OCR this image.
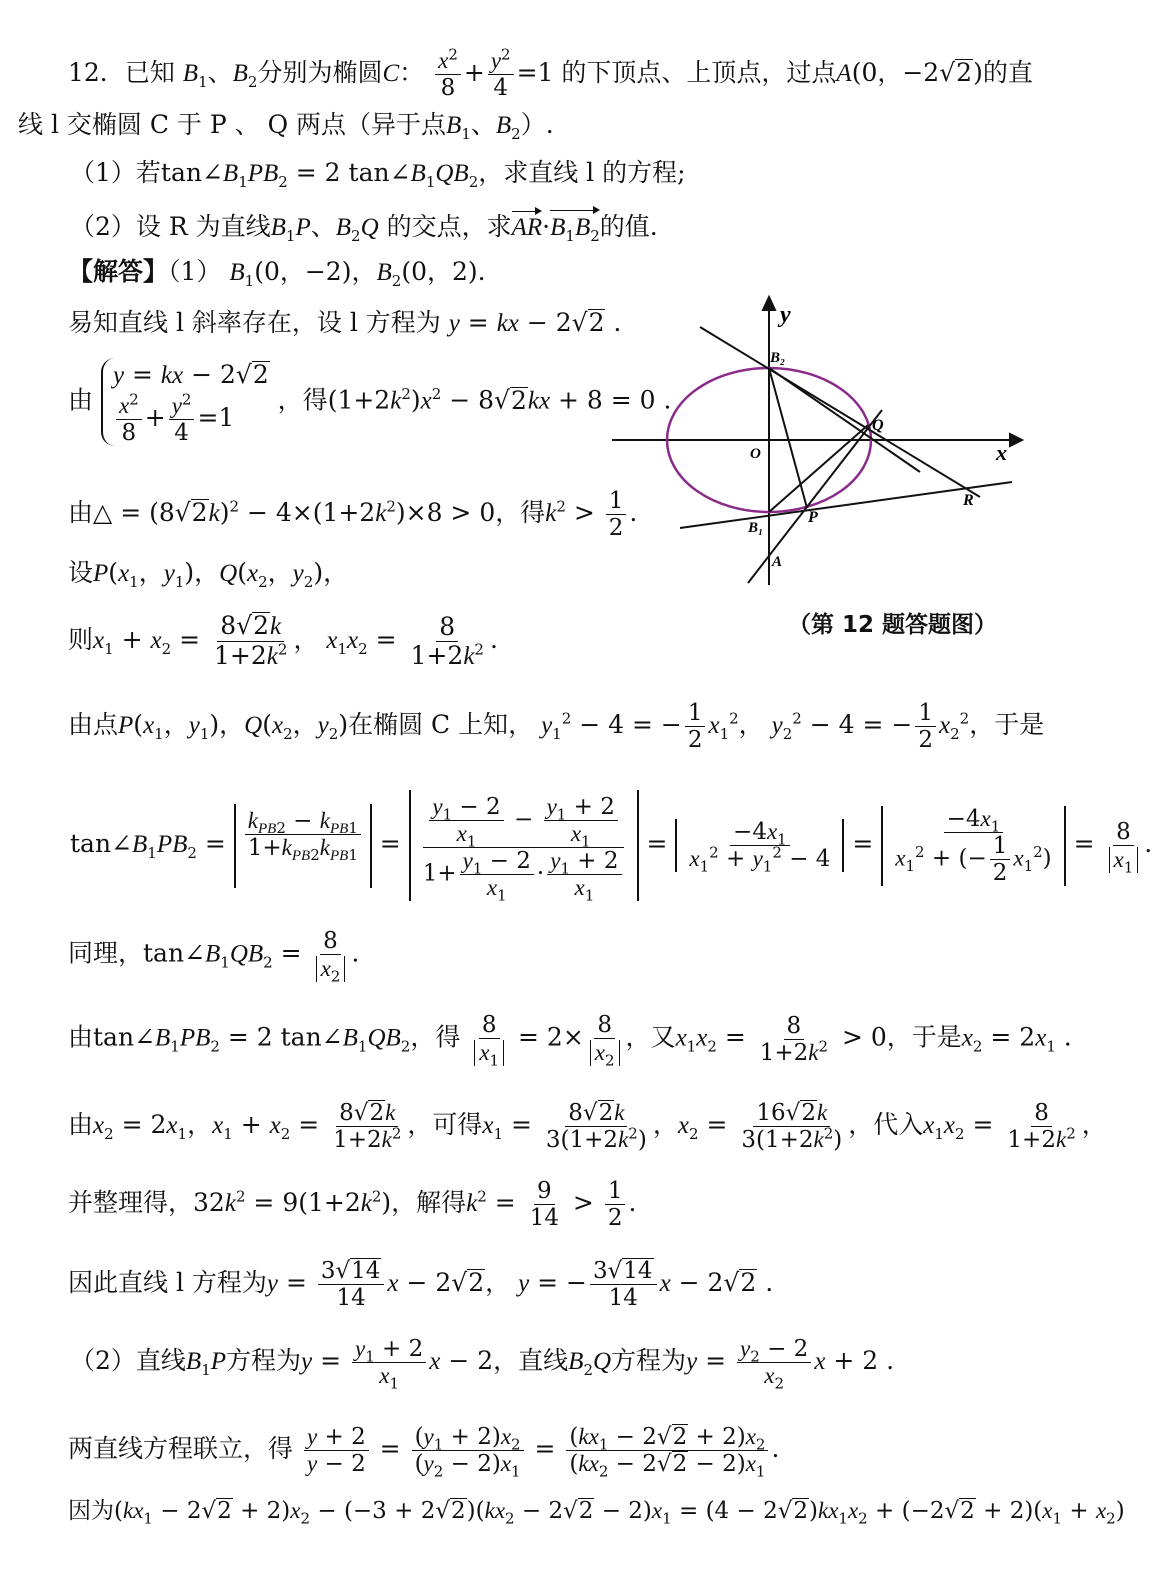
12．已知 $B_1$、$B_2$分别为椭圆C： $\frac{x^2}{8} + \frac{y^2}{4} =1$ 的下顶点、上顶点，过点A(0，−2√2)的直
线 l 交椭圆 C 于 P 、 Q 两点（异于点$B_1$、$B_2$）.
（1）若$\tan\angle B_1PB_2 = 2$ $\tan\angle B_1QB_2$，求直线 l 的方程;
（2）设 R 为直线$B_1P$、$B_2Q$ 的交点，求$AR\cdot B_1B_2$的值.
【解答】（1） $B_1(0$，−2)，$B_2(0$，2).
易知直线 l 斜率存在，设 l 方程为 y = kx − 2√2 .
由
y = kx − 2√2
$\frac{x^2}{8} + \frac{y^2}{4} =1$
，得$(1+2k^2)x^2 - 8√2kx + 8 = 0$ .
由△ = $(8√2k)^2 - 4\times(1+2k^2)\times 8 > 0$，得$k^2 > \frac{1}{2}$ .
设$P(x_1$，$y_1$)，$Q(x_2$，$y_2$)，
则$x_1 + x_2 = \frac{8√2k}{1+2k^2}$ ， $x_1x_2 = \frac{8}{1+2k^2}$ .
y
x
O
B₂
B₁
Q
P
R
A
（第 12 题答题图）
由点$P(x_1$，$y_1$)，$Q(x_2$，$y_2$)在椭圆 C 上知， $y_1^2 - 4$ = − $\frac{1}{2} x_1^2$， $y_2^2 - 4$ = − $\frac{1}{2} x_2^2$，于是
$\tan\angle B_1PB_2 = \frac{k_{PB2} - k_{PB1}}{1+k_{PB2}k_{PB1}} = \frac{\frac{y_1 - 2}{x_1} - \frac{y_1 + 2}{x_1}}{1+ \frac{y_1 - 2}{x_1} \cdot \frac{y_1 + 2}{x_1}} = \frac{-4x_1}{x_1^2 + y_1^2 - 4} = \frac{-4x_1}{x_1^2 + (- \frac{1}{2} x_1^2)} = \frac{8}{x_1}$ .
同理，$\tan\angle B_1QB_2 = \frac{8}{x_2}$ .
由$\tan\angle B_1PB_2 = 2$ $\tan\angle B_1QB_2$，得 $\frac{8}{x_1} = 2\times \frac{8}{x_2}$ ，又$x_1x_2 = \frac{8}{1+2k^2} > 0$，于是$x_2 = 2x_1$ .
由$x_2 = 2x_1$，$x_1 + x_2 = \frac{8√2k}{1+2k^2}$ ，可得$x_1 = \frac{8√2k}{3(1+2k^2)}$ ，$x_2 = \frac{16√2k}{3(1+2k^2)}$ ，代入$x_1x_2 = \frac{8}{1+2k^2}$ ，
并整理得，$32k^2 = 9(1+2k^2)$，解得$k^2 = \frac{9}{14} > \frac{1}{2}$ .
因此直线 l 方程为$y = \frac{3√14}{14}$ x − 2√2， y = − $\frac{3√14}{14}$ x − 2√2 .
（2）直线$B_1P$方程为$y = \frac{y_1 + 2}{x_1}$ x − 2，直线$B_2Q$方程为$y = \frac{y_2 - 2}{x_2}$ x + 2 .
两直线方程联立，得 $\frac{y + 2}{y - 2} = \frac{(y_1 + 2)x_2}{(y_2 - 2)x_1} = \frac{(kx_1 - 2√2 + 2)x_2}{(kx_2 - 2√2 - 2)x_1}$ .
因为$(kx_1 - 2√2 + 2)x_2 - (-3 + 2√2)(kx_2 - 2√2 - 2)x_1 = (4 - 2√2)kx_1x_2 + (-2√2 + 2)(x_1 + x_2)$
